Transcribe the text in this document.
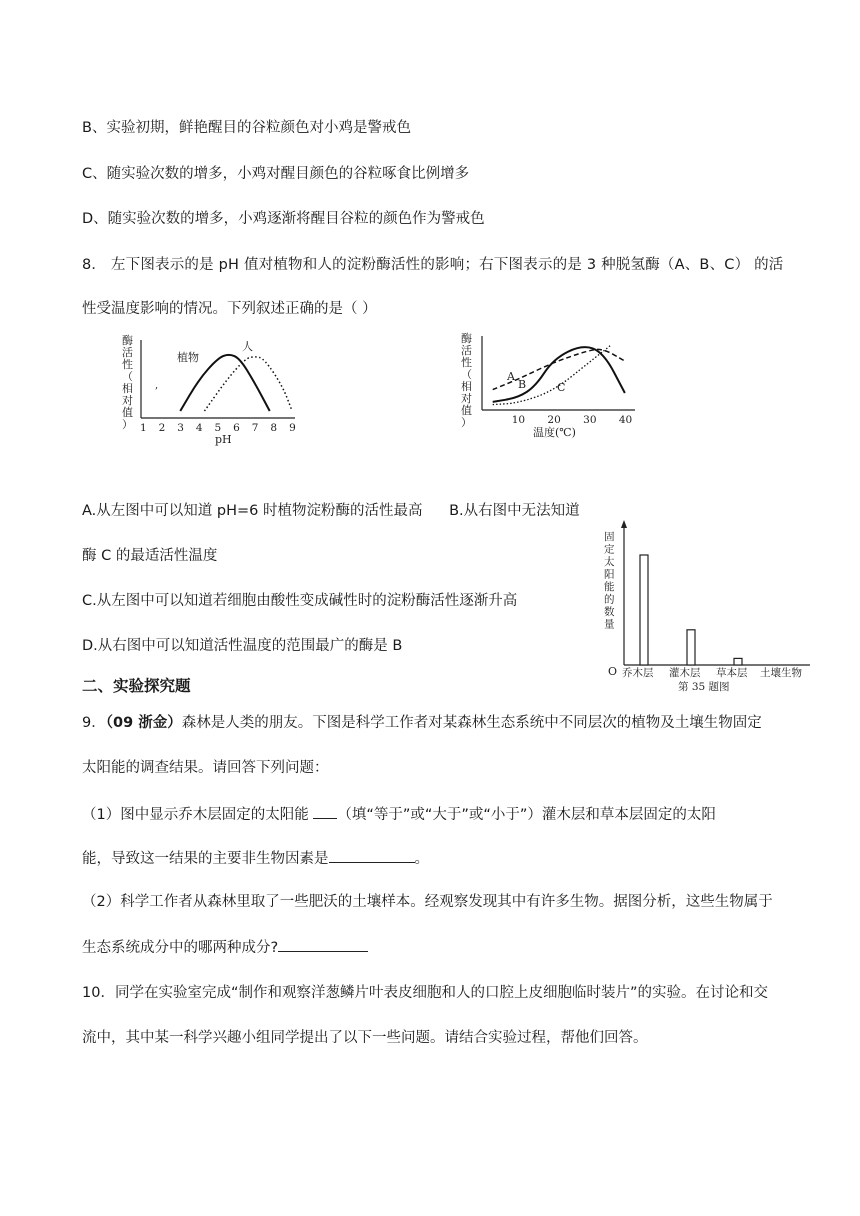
B、实验初期，鲜艳醒目的谷粒颜色对小鸡是警戒色
C、随实验次数的增多，小鸡对醒目颜色的谷粒啄食比例增多
D、随实验次数的增多，小鸡逐渐将醒目谷粒的颜色作为警戒色
8． 左下图表示的是 pH 值对植物和人的淀粉酶活性的影响；右下图表示的是 3 种脱氢酶（A、B、C） 的活
性受温度影响的情况。下列叙述正确的是（ ）
酶活性（相对值） 1 2 3 4 5 6 7 8 9
pH
植物
人
,
10 20 30 40
温度(℃)
A
B	C
酶活性（相对值）
A.从左图中可以知道 pH=6 时植物淀粉酶的活性最高 B.从右图中无法知道
酶 C 的最适活性温度
C.从左图中可以知道若细胞由酸性变成碱性时的淀粉酶活性逐渐升高
D.从右图中可以知道活性温度的范围最广的酶是 B
固定太阳能的数量
O 乔木层 灌木层 草本层 土壤生物
第 35 题图
二、实验探究题
9．（09 浙金）森林是人类的朋友。下图是科学工作者对某森林生态系统中不同层次的植物及土壤生物固定
太阳能的调查结果。请回答下列问题：
（1）图中显示乔木层固定的太阳能 （填“等于”或“大于”或“小于”）灌木层和草本层固定的太阳
能，导致这一结果的主要非生物因素是	。
（2）科学工作者从森林里取了一些肥沃的土壤样本。经观察发现其中有许多生物。据图分析，这些生物属于
生态系统成分中的哪两种成分?
10．同学在实验室完成“制作和观察洋葱鳞片叶表皮细胞和人的口腔上皮细胞临时装片”的实验。在讨论和交
流中，其中某一科学兴趣小组同学提出了以下一些问题。请结合实验过程，帮他们回答。
